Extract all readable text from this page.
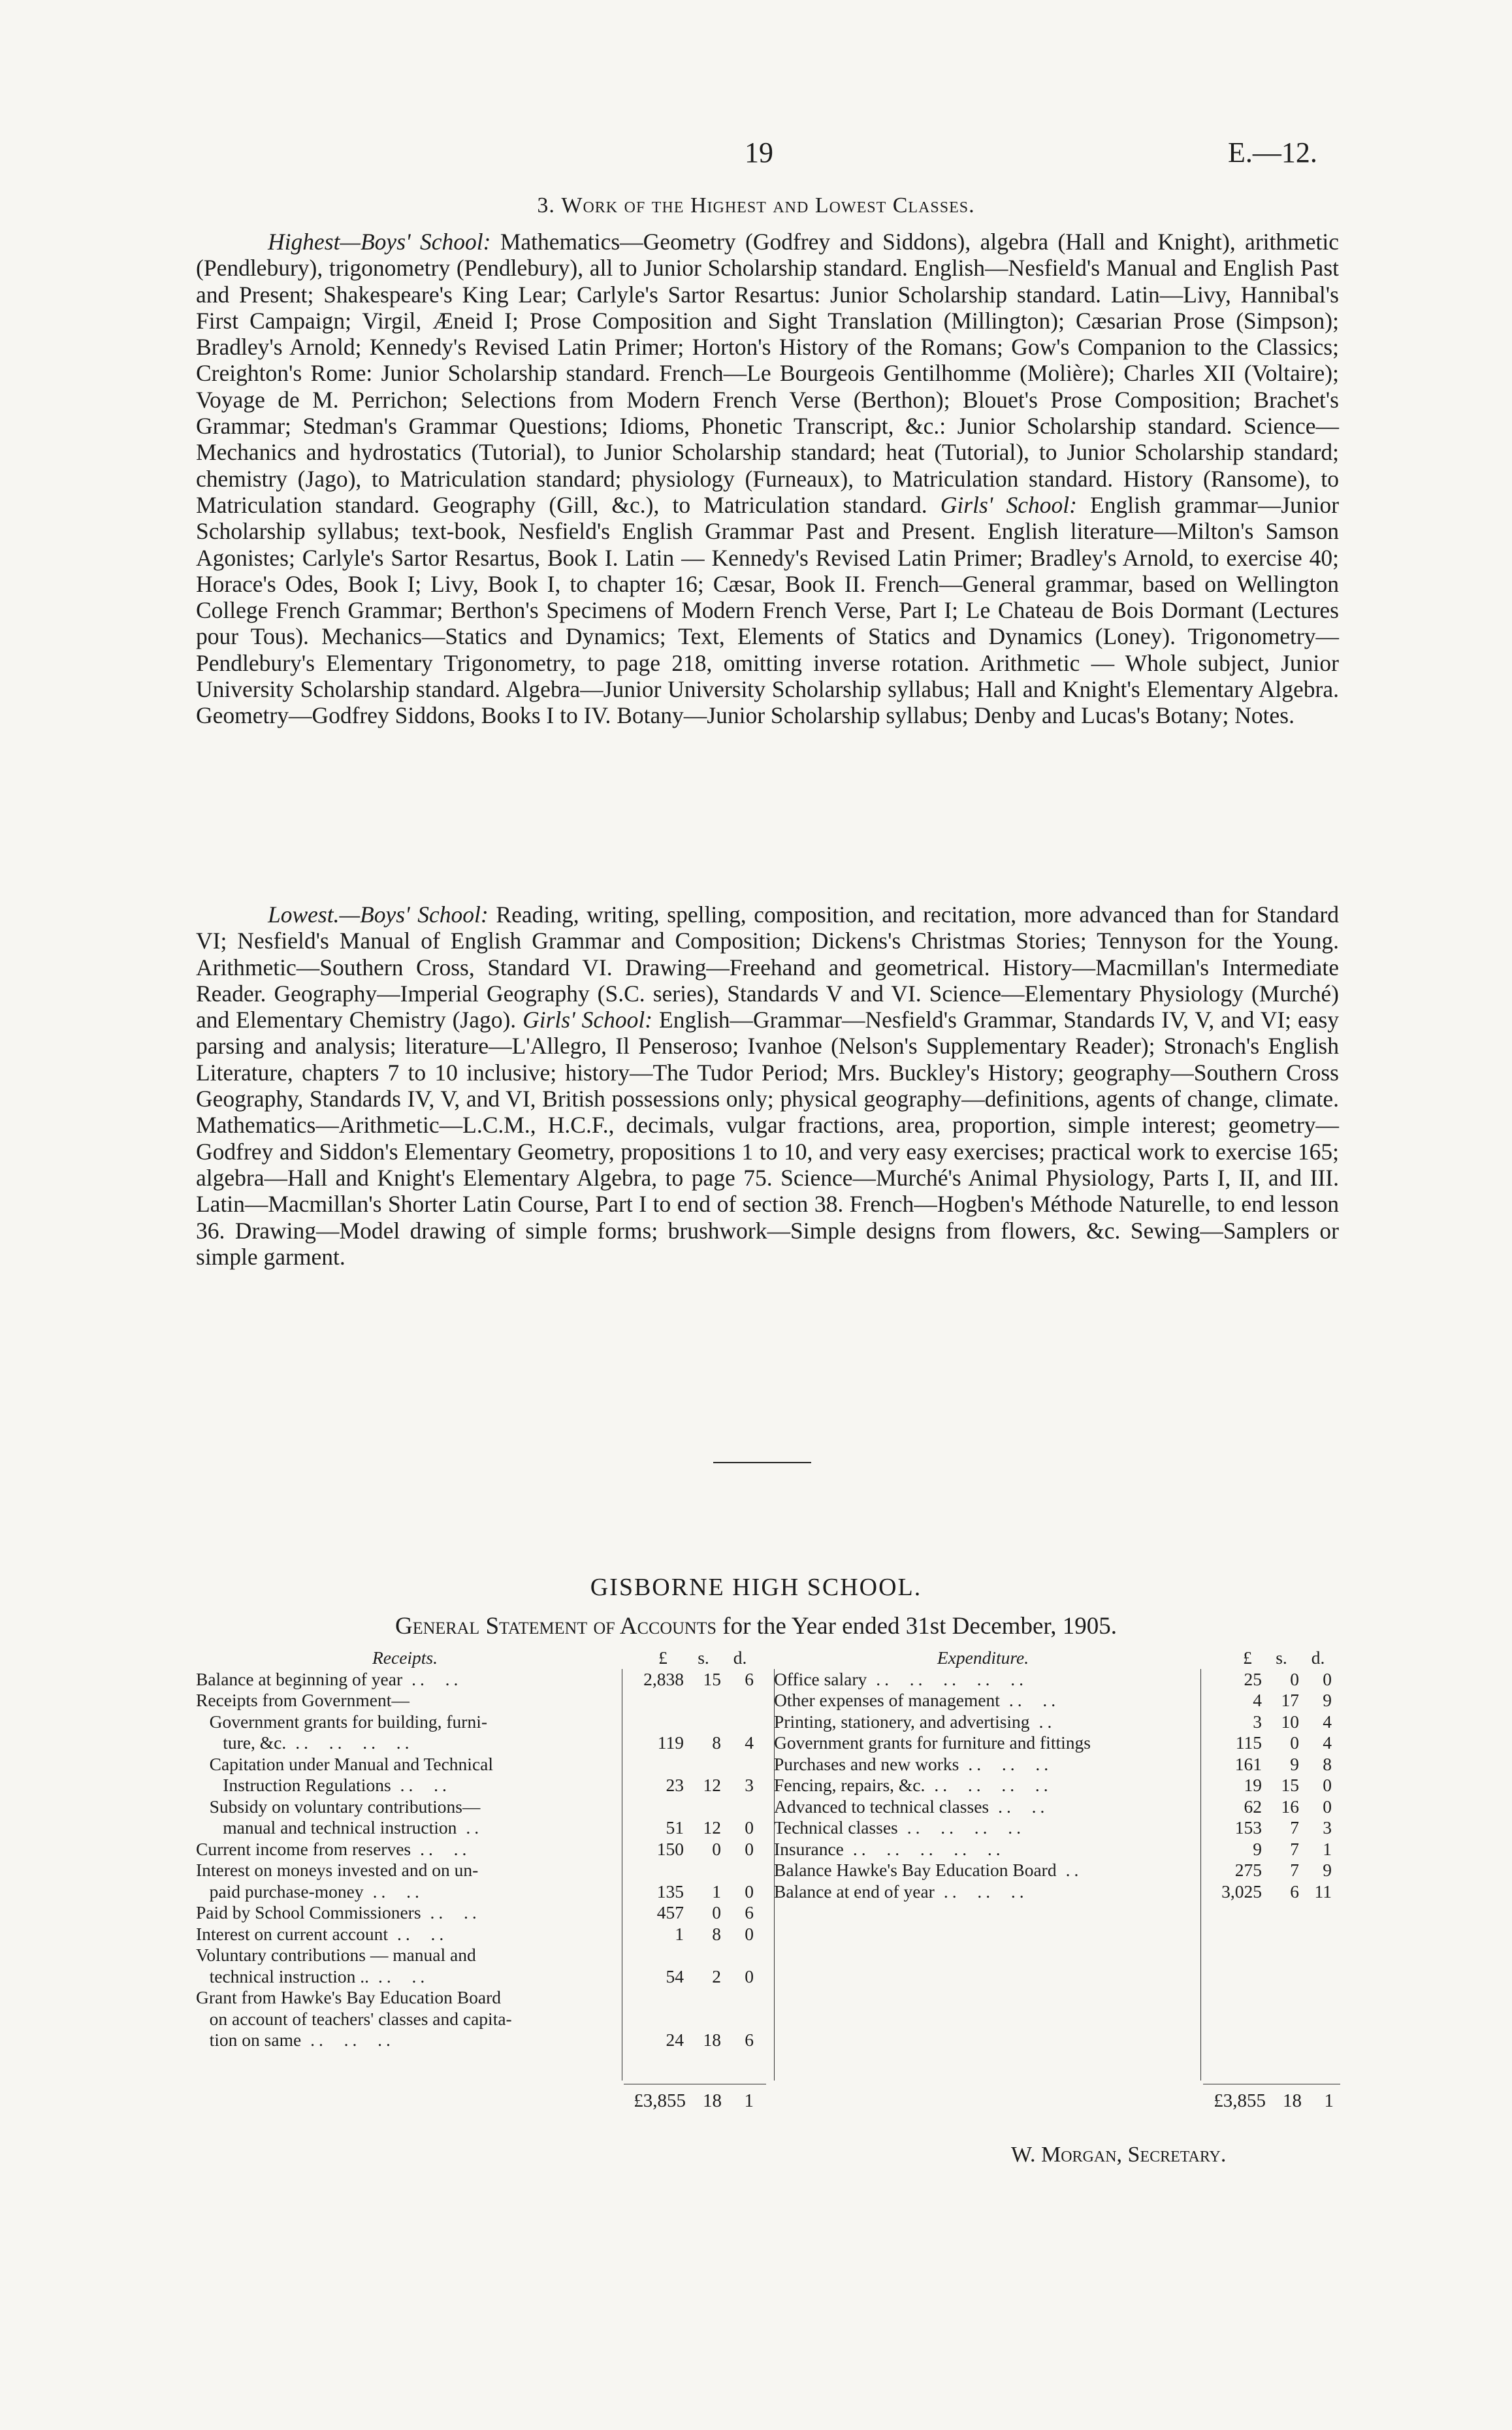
19	E.—12.
3. Work of the Highest and Lowest Classes.

Highest—Boys' School: Mathematics—Geometry (Godfrey and Siddons), algebra (Hall and Knight), arithmetic (Pendlebury), trigonometry (Pendlebury), all to Junior Scholarship standard. English—Nesfield's Manual and English Past and Present; Shakespeare's King Lear; Carlyle's Sartor Resartus: Junior Scholarship standard. Latin—Livy, Hannibal's First Campaign; Virgil, Æneid I; Prose Composition and Sight Translation (Millington); Cæsarian Prose (Simpson); Bradley's Arnold; Kennedy's Revised Latin Primer; Horton's History of the Romans; Gow's Companion to the Classics; Creighton's Rome: Junior Scholarship standard. French—Le Bourgeois Gentilhomme (Molière); Charles XII (Voltaire); Voyage de M. Perrichon; Selections from Modern French Verse (Berthon); Blouet's Prose Composition; Brachet's Grammar; Stedman's Grammar Questions; Idioms, Phonetic Transcript, &c.: Junior Scholarship standard. Science—Mechanics and hydrostatics (Tutorial), to Junior Scholarship standard; heat (Tutorial), to Junior Scholarship standard; chemistry (Jago), to Matriculation standard; physiology (Furneaux), to Matriculation standard. History (Ransome), to Matriculation standard. Geography (Gill, &c.), to Matriculation standard. Girls' School: English grammar—Junior Scholarship syllabus; text-book, Nesfield's English Grammar Past and Present. English literature—Milton's Samson Agonistes; Carlyle's Sartor Resartus, Book I. Latin — Kennedy's Revised Latin Primer; Bradley's Arnold, to exercise 40; Horace's Odes, Book I; Livy, Book I, to chapter 16; Cæsar, Book II. French—General grammar, based on Wellington College French Grammar; Berthon's Specimens of Modern French Verse, Part I; Le Chateau de Bois Dormant (Lectures pour Tous). Mechanics—Statics and Dynamics; Text, Elements of Statics and Dynamics (Loney). Trigonometry—Pendlebury's Elementary Trigonometry, to page 218, omitting inverse rotation. Arithmetic — Whole subject, Junior University Scholarship standard. Algebra—Junior University Scholarship syllabus; Hall and Knight's Elementary Algebra. Geometry—Godfrey Siddons, Books I to IV. Botany—Junior Scholarship syllabus; Denby and Lucas's Botany; Notes.

Lowest.—Boys' School: Reading, writing, spelling, composition, and recitation, more advanced than for Standard VI; Nesfield's Manual of English Grammar and Composition; Dickens's Christmas Stories; Tennyson for the Young. Arithmetic—Southern Cross, Standard VI. Drawing—Freehand and geometrical. History—Macmillan's Intermediate Reader. Geography—Imperial Geography (S.C. series), Standards V and VI. Science—Elementary Physiology (Murché) and Elementary Chemistry (Jago). Girls' School: English—Grammar—Nesfield's Grammar, Standards IV, V, and VI; easy parsing and analysis; literature—L'Allegro, Il Penseroso; Ivanhoe (Nelson's Supplementary Reader); Stronach's English Literature, chapters 7 to 10 inclusive; history—The Tudor Period; Mrs. Buckley's History; geography—Southern Cross Geography, Standards IV, V, and VI, British possessions only; physical geography—definitions, agents of change, climate. Mathematics—Arithmetic—L.C.M., H.C.F., decimals, vulgar fractions, area, proportion, simple interest; geometry—Godfrey and Siddon's Elementary Geometry, propositions 1 to 10, and very easy exercises; practical work to exercise 165; algebra—Hall and Knight's Elementary Algebra, to page 75. Science—Murché's Animal Physiology, Parts I, II, and III. Latin—Macmillan's Shorter Latin Course, Part I to end of section 38. French—Hogben's Méthode Naturelle, to end lesson 36. Drawing—Model drawing of simple forms; brushwork—Simple designs from flowers, &c. Sewing—Samplers or simple garment.

GISBORNE HIGH SCHOOL.
General Statement of Accounts for the Year ended 31st December, 1905.
Receipts.	£	s.	d.
Balance at beginning of year ..  ..	2,838	15	6
Receipts from Government—
Government grants for building, furni-
ture, &c. ..  ..  ..  ..	119	8	4
Capitation under Manual and Technical
Instruction Regulations ..  ..	23	12	3
Subsidy on voluntary contributions—
manual and technical instruction ..	51	12	0
Current income from reserves ..  ..	150	0	0
Interest on moneys invested and on un-
paid purchase-money ..  ..	135	1	0
Paid by School Commissioners ..  ..	457	0	6
Interest on current account ..  ..	1	8	0
Voluntary contributions — manual and
technical instruction .. ..  ..	54	2	0
Grant from Hawke's Bay Education Board
on account of teachers' classes and capita-
tion on same ..  ..  ..	24	18	6
Expenditure.	£	s.	d.
Office salary ..  ..  ..  ..  ..	25	0	0
Other expenses of management ..  ..	4	17	9
Printing, stationery, and advertising ..	3	10	4
Government grants for furniture and fittings	115	0	4
Purchases and new works ..  ..  ..	161	9	8
Fencing, repairs, &c. ..  ..  ..  ..	19	15	0
Advanced to technical classes ..  ..	62	16	0
Technical classes ..  ..  ..  ..	153	7	3
Insurance ..  ..  ..  ..  ..	9	7	1
Balance Hawke's Bay Education Board ..	275	7	9
Balance at end of year ..  ..  ..	3,025	6 11
£3,855 18	1	£3,855 18	1
W. Morgan, Secretary.
